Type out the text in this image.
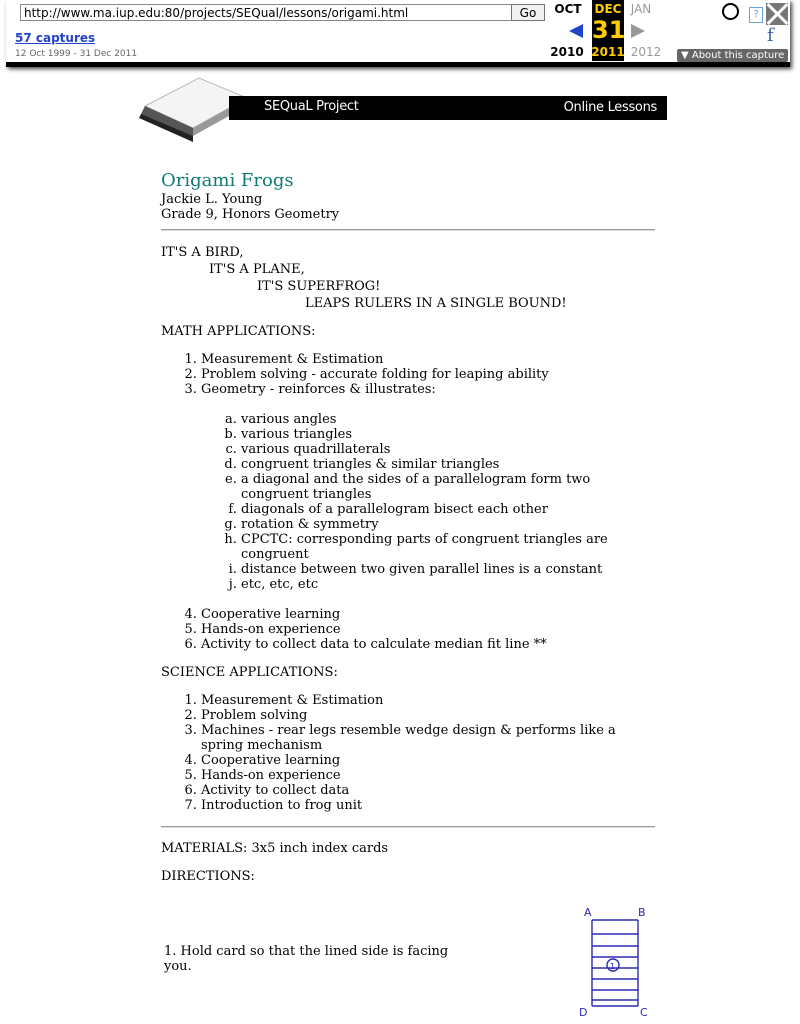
http://www.ma.iup.edu:80/projects/SEQual/lessons/origami.html
Go
57 captures
12 Oct 1999 - 31 Dec 2011
OCT DEC JAN
31
2010 2011 2012
?
f
▼ About this capture
SEQuaL Project	Online Lessons
Origami Frogs

Jackie L. Young

Grade 9, Honors Geometry

IT'S A BIRD,
IT'S A PLANE,
IT'S SUPERFROG!
LEAPS RULERS IN A SINGLE BOUND!

MATH APPLICATIONS:

1. Measurement & Estimation
2. Problem solving - accurate folding for leaping ability
3. Geometry - reinforces & illustrates:
a. various angles
b. various triangles
c. various quadrillaterals
d. congruent triangles & similar triangles
e. a diagonal and the sides of a parallelogram form two congruent triangles
f. diagonals of a parallelogram bisect each other
g. rotation & symmetry
h. CPCTC: corresponding parts of congruent triangles are congruent
i. distance between two given parallel lines is a constant
j. etc, etc, etc
4. Cooperative learning
5. Hands-on experience
6. Activity to collect data to calculate median fit line **

SCIENCE APPLICATIONS:

1. Measurement & Estimation
2. Problem solving
3. Machines - rear legs resemble wedge design & performs like a spring mechanism
4. Cooperative learning
5. Hands-on experience
6. Activity to collect data
7. Introduction to frog unit

MATERIALS: 3x5 inch index cards

DIRECTIONS:

1. Hold card so that the lined side is facing you.
A	B
D	C
1
